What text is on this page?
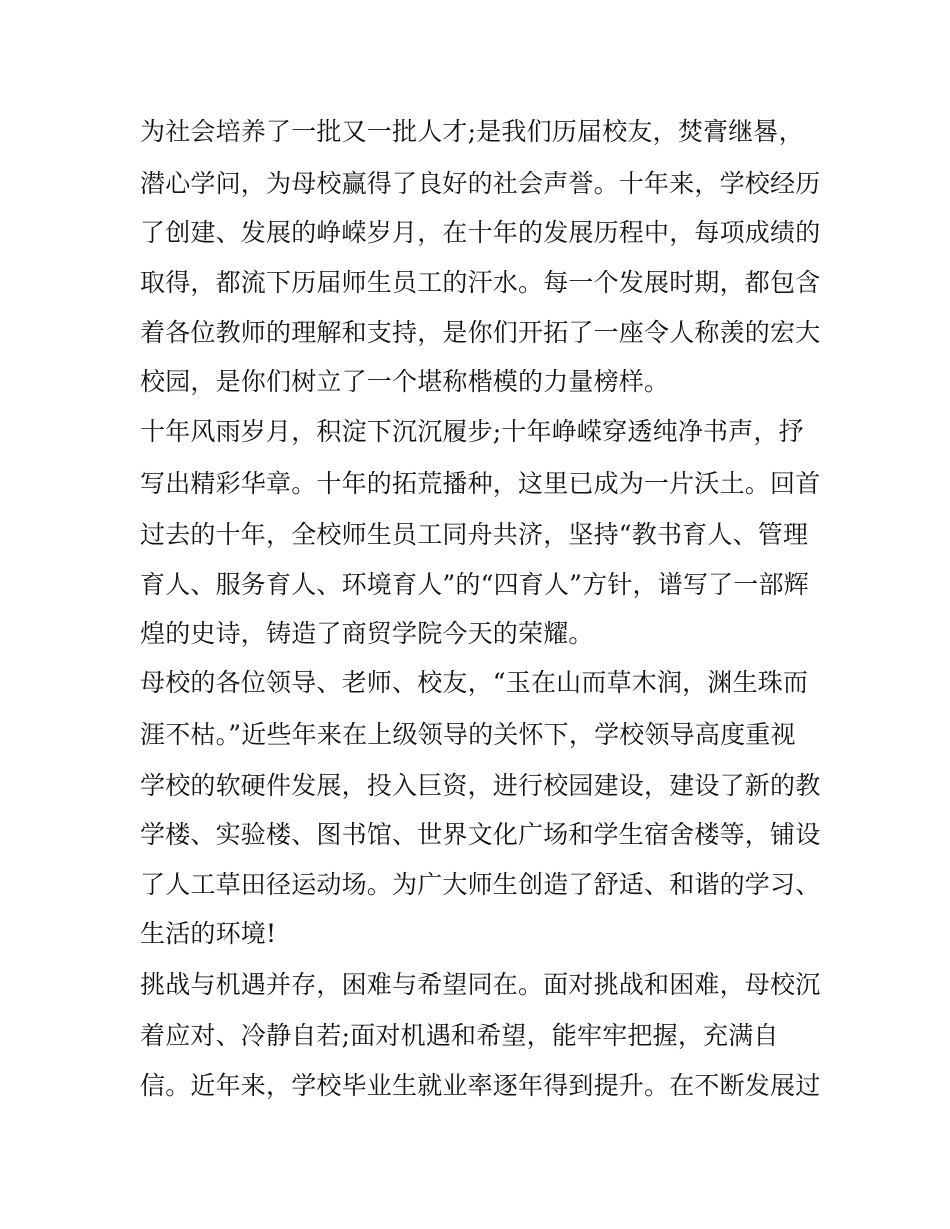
为社会培养了一批又一批人才;是我们历届校友，焚膏继晷，
潜心学问，为母校赢得了良好的社会声誉。十年来，学校经历
了创建、发展的峥嵘岁月，在十年的发展历程中，每项成绩的
取得，都流下历届师生员工的汗水。每一个发展时期，都包含
着各位教师的理解和支持，是你们开拓了一座令人称羡的宏大
校园，是你们树立了一个堪称楷模的力量榜样。
十年风雨岁月，积淀下沉沉履步;十年峥嵘穿透纯净书声，抒
写出精彩华章。十年的拓荒播种，这里已成为一片沃土。回首
过去的十年，全校师生员工同舟共济，坚持“教书育人、管理
育人、服务育人、环境育人”的“四育人”方针，谱写了一部辉
煌的史诗，铸造了商贸学院今天的荣耀。
母校的各位领导、老师、校友，“玉在山而草木润，渊生珠而
涯不枯。”近些年来在上级领导的关怀下，学校领导高度重视
学校的软硬件发展，投入巨资，进行校园建设，建设了新的教
学楼、实验楼、图书馆、世界文化广场和学生宿舍楼等，铺设
了人工草田径运动场。为广大师生创造了舒适、和谐的学习、
生活的环境!
挑战与机遇并存，困难与希望同在。面对挑战和困难，母校沉
着应对、冷静自若;面对机遇和希望，能牢牢把握，充满自
信。近年来，学校毕业生就业率逐年得到提升。在不断发展过
